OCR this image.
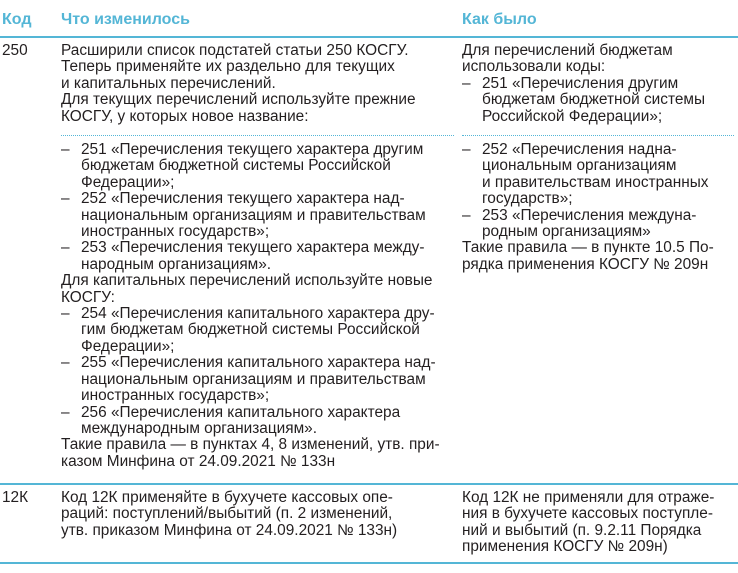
Код Что изменилось	Как было
250 Расширили список подстатей статьи 250 КОСГУ.
Теперь применяйте их раздельно для текущих
и капитальных перечислений.
Для текущих перечислений используйте прежние
КОСГУ, у которых новое название:
– 251 «Перечисления текущего характера другим
бюджетам бюджетной системы Российской
Федерации»;
– 252 «Перечисления текущего характера над-
национальным организациям и правительствам
иностранных государств»;
– 253 «Перечисления текущего характера между-
народным организациям».
Для капитальных перечислений используйте новые
КОСГУ:
– 254 «Перечисления капитального характера дру-
гим бюджетам бюджетной системы Российской
Федерации»;
– 255 «Перечисления капитального характера над-
национальным организациям и правительствам
иностранных государств»;
– 256 «Перечисления капитального характера
международным организациям».
Такие правила — в пунктах 4, 8 изменений, утв. при-
казом Минфина от 24.09.2021 № 133н
Для перечислений бюджетам
использовали коды:
– 251 «Перечисления другим
бюджетам бюджетной системы
Российской Федерации»;
– 252 «Перечисления надна-
циональным организациям
и правительствам иностранных
государств»;
– 253 «Перечисления междуна-
родным организациям»
Такие правила — в пункте 10.5 По-
рядка применения КОСГУ № 209н
12К Код 12К применяйте в бухучете кассовых опе-
раций: поступлений/выбытий (п. 2 изменений,
утв. приказом Минфина от 24.09.2021 № 133н)
Код 12К не применяли для отраже-
ния в бухучете кассовых поступле-
ний и выбытий (п. 9.2.11 Порядка
применения КОСГУ № 209н)
